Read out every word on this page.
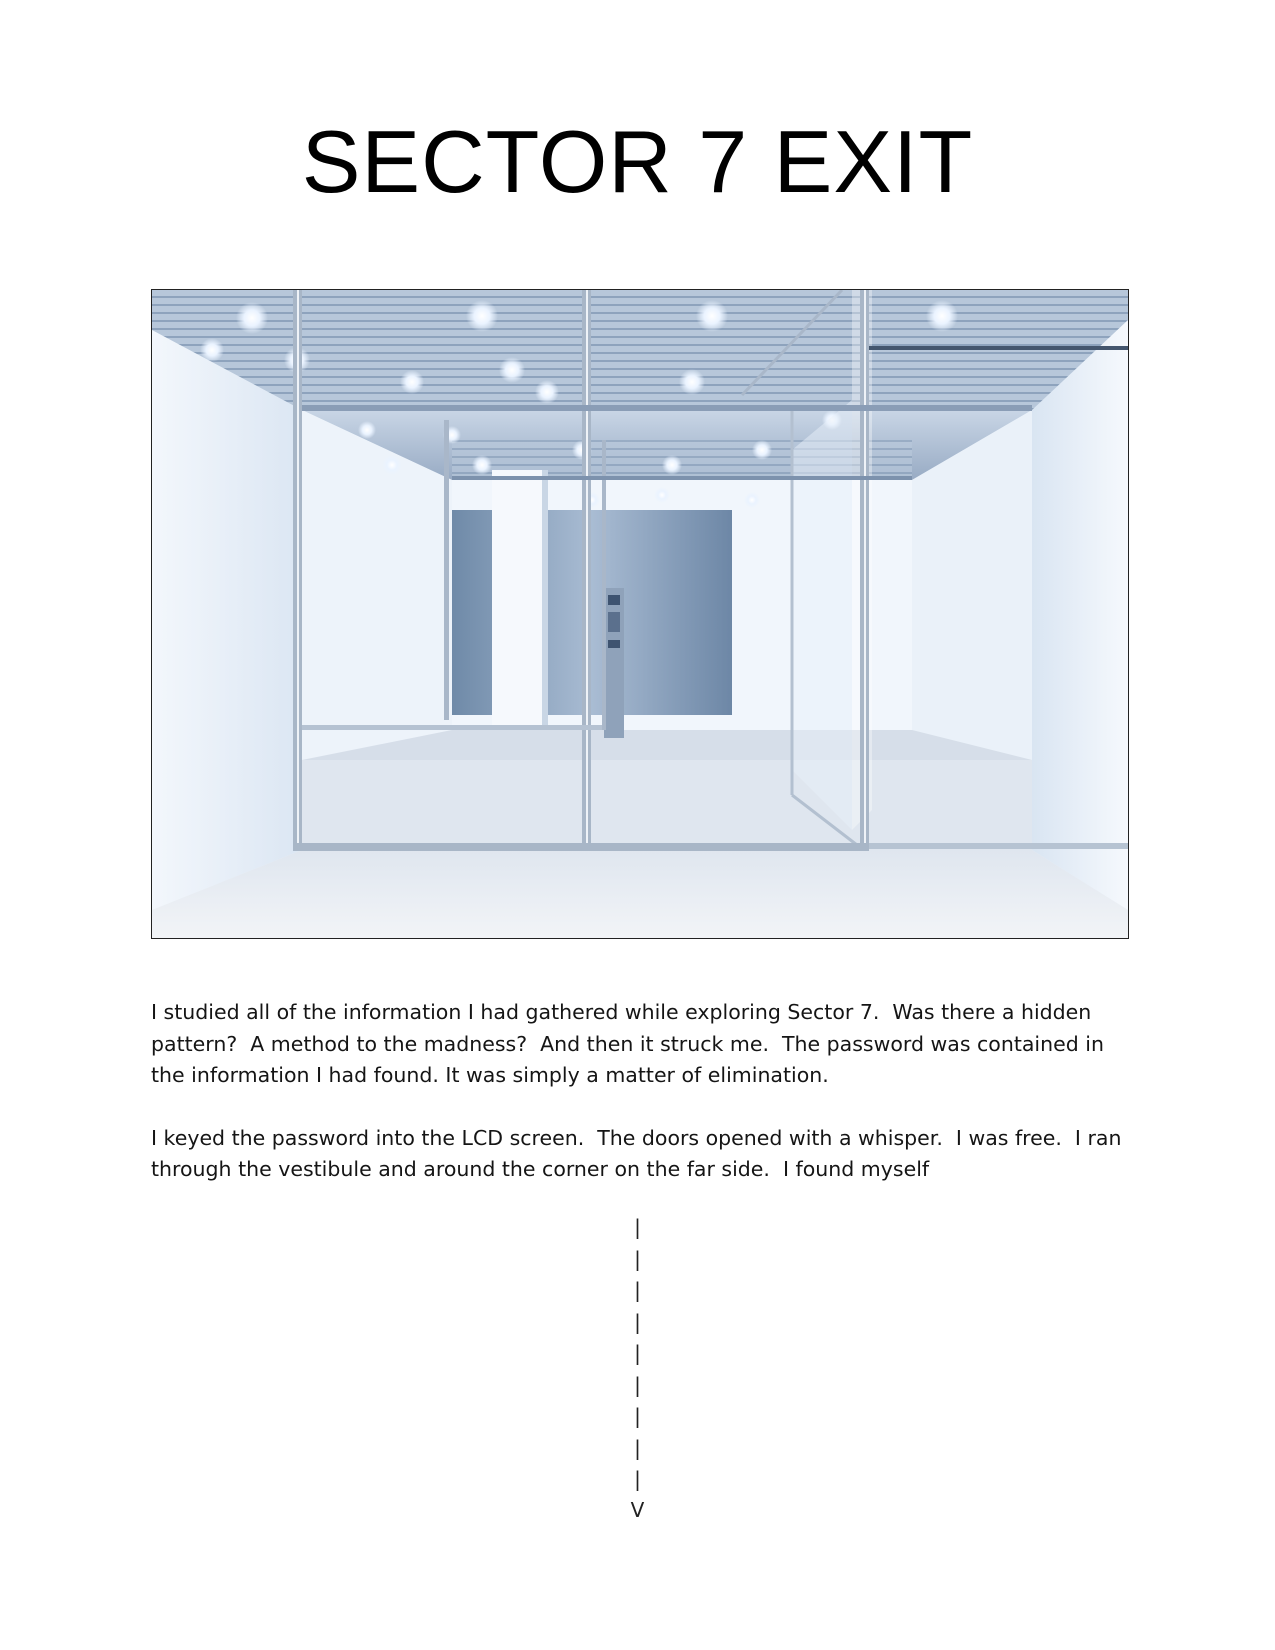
SECTOR 7 EXIT

I studied all of the information I had gathered while exploring Sector 7.  Was there a hidden pattern?  A method to the madness?  And then it struck me.  The password was contained in the information I had found. It was simply a matter of elimination.

I keyed the password into the LCD screen.  The doors opened with a whisper.  I was free.  I ran through the vestibule and around the corner on the far side.  I found myself

|
|
|
|
|
|
|
|
|
V
